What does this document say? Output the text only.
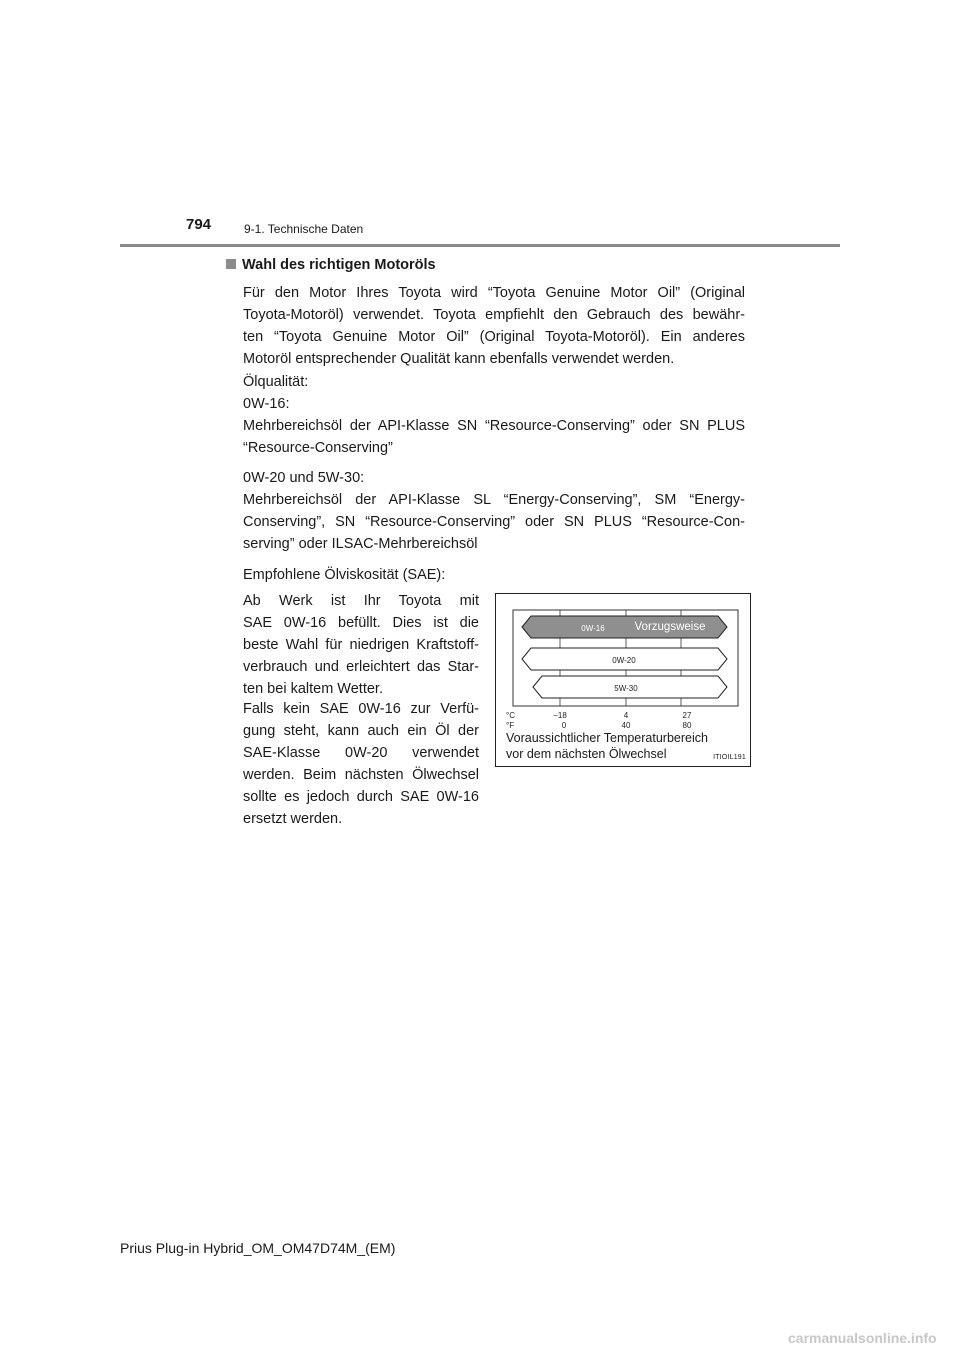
794	9-1. Technische Daten
Wahl des richtigen Motoröls
Für den Motor Ihres Toyota wird “Toyota Genuine Motor Oil” (Original
Toyota-Motoröl) verwendet. Toyota empfiehlt den Gebrauch des bewähr-
ten “Toyota Genuine Motor Oil” (Original Toyota-Motoröl). Ein anderes
Motoröl entsprechender Qualität kann ebenfalls verwendet werden.
Ölqualität:
0W-16:
Mehrbereichsöl der API-Klasse SN “Resource-Conserving” oder SN PLUS
“Resource-Conserving”
0W-20 und 5W-30:
Mehrbereichsöl der API-Klasse SL “Energy-Conserving”, SM “Energy-
Conserving”, SN “Resource-Conserving” oder SN PLUS “Resource-Con-
serving” oder ILSAC-Mehrbereichsöl
Empfohlene Ölviskosität (SAE):
Ab Werk ist Ihr Toyota mit
SAE 0W-16 befüllt. Dies ist die
beste Wahl für niedrigen Kraftstoff-
verbrauch und erleichtert das Star-
ten bei kaltem Wetter.
Falls kein SAE 0W-16 zur Verfü-
gung steht, kann auch ein Öl der
SAE-Klasse 0W-20 verwendet
werden. Beim nächsten Ölwechsel
sollte es jedoch durch SAE 0W-16
ersetzt werden.
0W-16	Vorzugsweise
0W-20
5W-30
°C	−18	4	27
°F	0	40	80
Voraussichtlicher Temperaturbereich
vor dem nächsten Ölwechsel	ITIOIL191
Prius Plug-in Hybrid_OM_OM47D74M_(EM)
carmanualsonline.info
